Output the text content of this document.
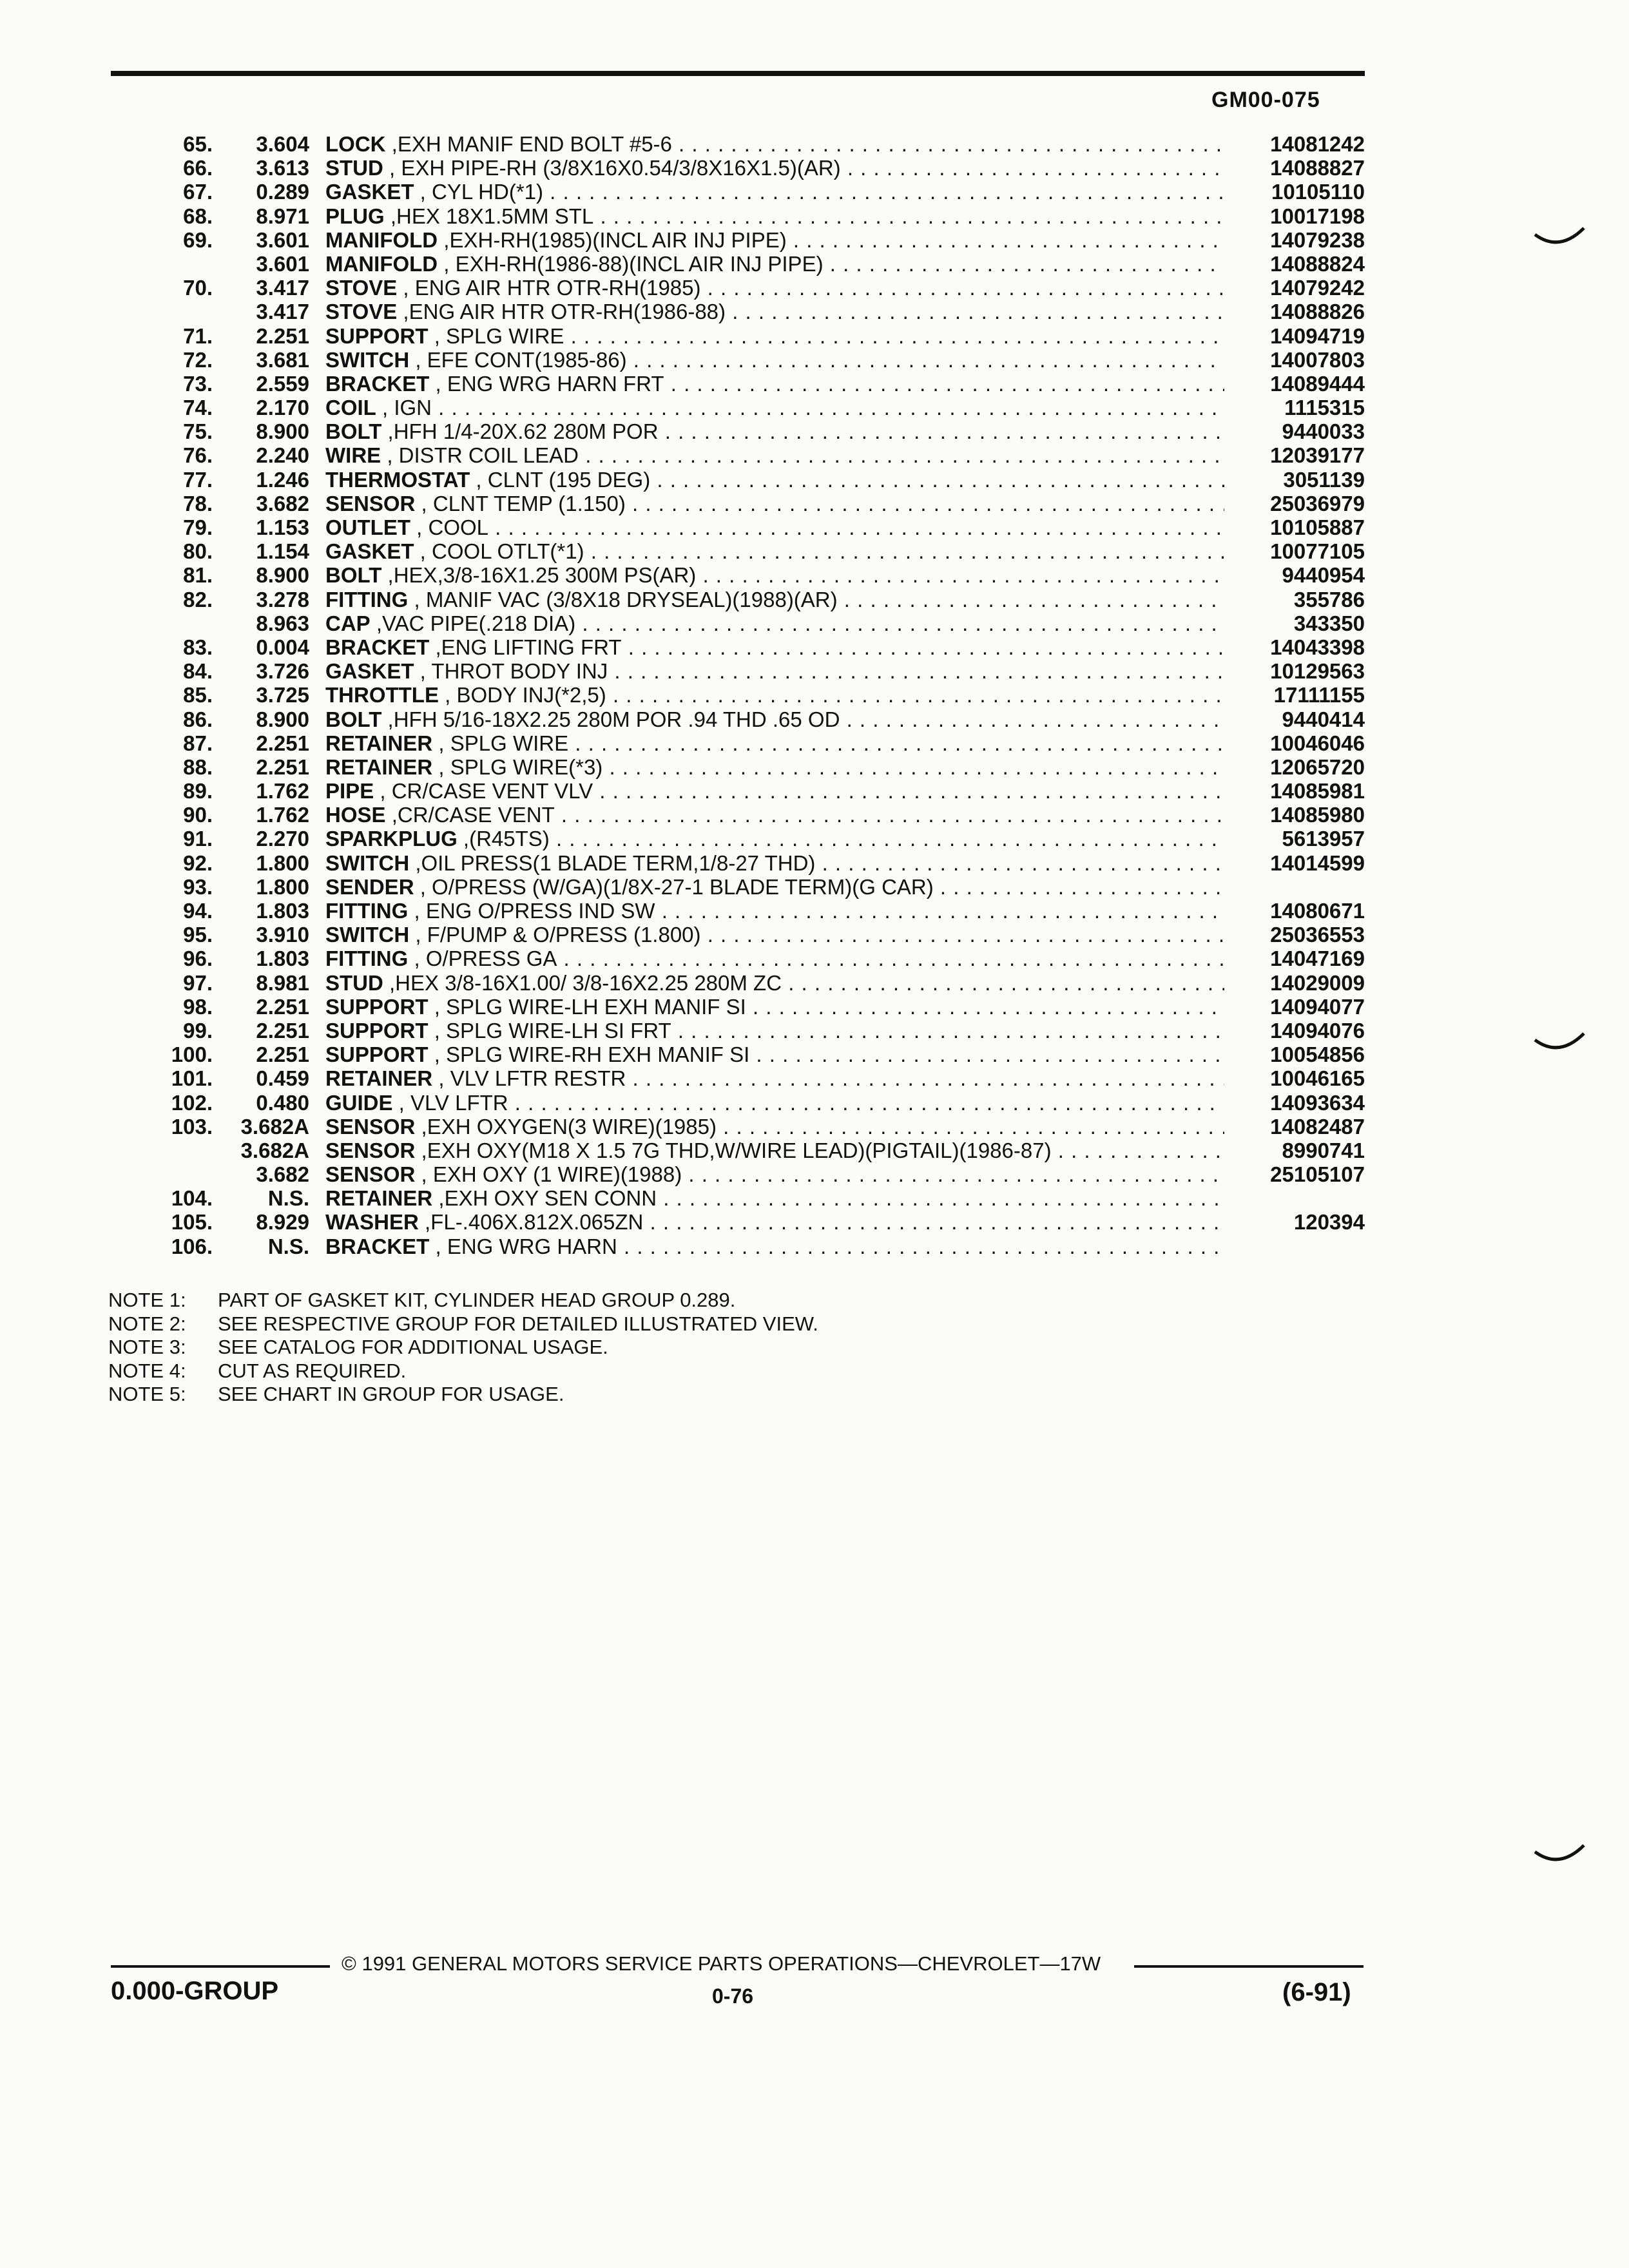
GM00-075
65.	3.604 LOCK ,EXH MANIF END BOLT #5-6 . . .	14081242
66.	3.613 STUD , EXH PIPE-RH (3/8X16X0.54/3/8X16X1.5)(AR) . . .	14088827
67.	0.289 GASKET , CYL HD(*1) . . .	10105110
68.	8.971 PLUG ,HEX 18X1.5MM STL . . .	10017198
69.	3.601 MANIFOLD ,EXH-RH(1985)(INCL AIR INJ PIPE) . . .	14079238
3.601 MANIFOLD , EXH-RH(1986-88)(INCL AIR INJ PIPE) . . .	14088824
70.	3.417 STOVE , ENG AIR HTR OTR-RH(1985) . . .	14079242
3.417 STOVE ,ENG AIR HTR OTR-RH(1986-88) . . .	14088826
71.	2.251 SUPPORT , SPLG WIRE . . .	14094719
72.	3.681 SWITCH , EFE CONT(1985-86) . . .	14007803
73.	2.559 BRACKET , ENG WRG HARN FRT . . .	14089444
74.	2.170 COIL , IGN . . .	1115315
75.	8.900 BOLT ,HFH 1/4-20X.62 280M POR . . .	9440033
76.	2.240 WIRE , DISTR COIL LEAD . . .	12039177
77.	1.246 THERMOSTAT , CLNT (195 DEG) . . .	3051139
78.	3.682 SENSOR , CLNT TEMP (1.150) . . .	25036979
79.	1.153 OUTLET , COOL . . .	10105887
80.	1.154 GASKET , COOL OTLT(*1) . . .	10077105
81.	8.900 BOLT ,HEX,3/8-16X1.25 300M PS(AR) . . .	9440954
82.	3.278 FITTING , MANIF VAC (3/8X18 DRYSEAL)(1988)(AR) . . .	355786
8.963 CAP ,VAC PIPE(.218 DIA) . . .	343350
83.	0.004 BRACKET ,ENG LIFTING FRT . . .	14043398
84.	3.726 GASKET , THROT BODY INJ . . .	10129563
85.	3.725 THROTTLE , BODY INJ(*2,5) . . .	17111155
86.	8.900 BOLT ,HFH 5/16-18X2.25 280M POR .94 THD .65 OD . . .	9440414
87.	2.251 RETAINER , SPLG WIRE . . .	10046046
88.	2.251 RETAINER , SPLG WIRE(*3) . . .	12065720
89.	1.762 PIPE , CR/CASE VENT VLV . . .	14085981
90.	1.762 HOSE ,CR/CASE VENT . . .	14085980
91.	2.270 SPARKPLUG ,(R45TS) . . .	5613957
92.	1.800 SWITCH ,OIL PRESS(1 BLADE TERM,1/8-27 THD) . . .	14014599
93.	1.800 SENDER , O/PRESS (W/GA)(1/8X-27-1 BLADE TERM)(G CAR) . . .
94.	1.803 FITTING , ENG O/PRESS IND SW . . .	14080671
95.	3.910 SWITCH , F/PUMP & O/PRESS (1.800) . . .	25036553
96.	1.803 FITTING , O/PRESS GA . . .	14047169
97.	8.981 STUD ,HEX 3/8-16X1.00/ 3/8-16X2.25 280M ZC . . .	14029009
98.	2.251 SUPPORT , SPLG WIRE-LH EXH MANIF SI . . .	14094077
99.	2.251 SUPPORT , SPLG WIRE-LH SI FRT . . .	14094076
100.	2.251 SUPPORT , SPLG WIRE-RH EXH MANIF SI . . .	10054856
101.	0.459 RETAINER , VLV LFTR RESTR . . .	10046165
102.	0.480 GUIDE , VLV LFTR . . .	14093634
103.	3.682A SENSOR ,EXH OXYGEN(3 WIRE)(1985) . . .	14082487
3.682A SENSOR ,EXH OXY(M18 X 1.5 7G THD,W/WIRE LEAD)(PIGTAIL)(1986-87) . . .	8990741
3.682 SENSOR , EXH OXY (1 WIRE)(1988) . . .	25105107
104.	N.S. RETAINER ,EXH OXY SEN CONN . . .
105.	8.929 WASHER ,FL-.406X.812X.065ZN . . .	120394
106.	N.S. BRACKET , ENG WRG HARN . . .
NOTE 1: PART OF GASKET KIT, CYLINDER HEAD GROUP 0.289.
NOTE 2: SEE RESPECTIVE GROUP FOR DETAILED ILLUSTRATED VIEW.
NOTE 3: SEE CATALOG FOR ADDITIONAL USAGE.
NOTE 4: CUT AS REQUIRED.
NOTE 5: SEE CHART IN GROUP FOR USAGE.
© 1991 GENERAL MOTORS SERVICE PARTS OPERATIONS—CHEVROLET—17W
0.000-GROUP	0-76	(6-91)
